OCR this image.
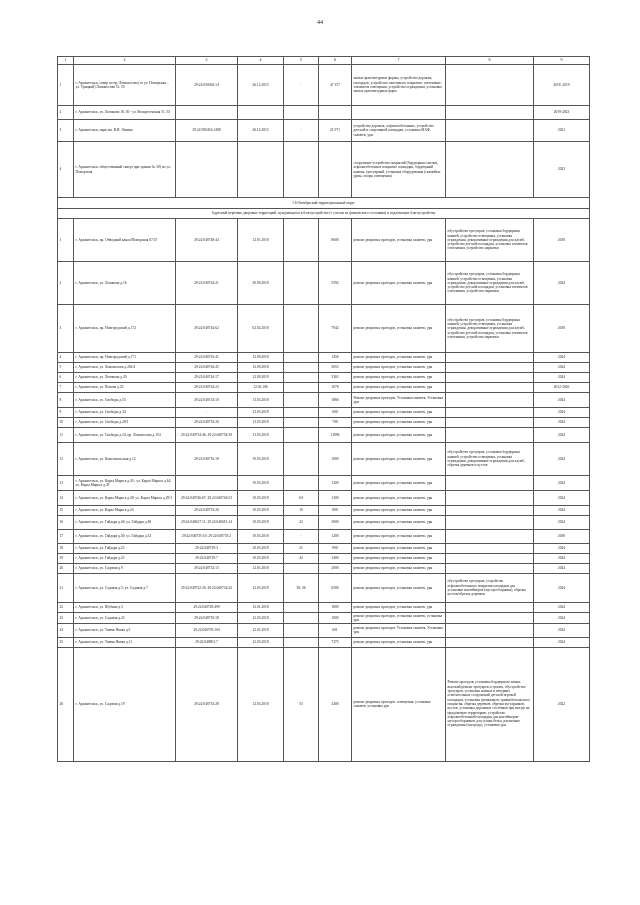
44
1	2	3	4	5	6	7	8	9
1	г. Архангельск, сквер по пр. Ломоносова (от ул. Поморская – ул. Урицкий) Ломоносова 51, 55	29:22:050402:14	26.12.2013	-	47 157	малые архитектурные формы, устройство дорожек, площадок, устройство плиточного покрытия, озеленение, элементов освещения, устройство ограждения, установка малых архитектурных форм		2018, 2019
2	г. Архангельск, ул. Логинова 18, 30 - ул. Воскресенская 51, 55							2019-2023
3	г. Архангельск, парк им. В.И. Ленина	29:22:050416:1408	26.12.2013	-	21 071	устройство дорожек, асфальтобетонных, устройство детской и спортивной площадки, установка МАФ, скамеек, урн		2021
4	г. Архангельск, общественный сквер (при здании № 30) по ул. Поморская					сооружение устройство покрытий (бордюрная плитка), асфальтобетонное покрытие площадки, бордюрный камень, тротуарный, установка оборудования (скамейки, урны, опоры освещения)		2023
1.6 Октябрьский территориальный округ								
Адресный перечень дворовых территорий, нуждающихся в благоустройстве (с учетом их физического состояния) и подлежащих благоустройству								
1	г. Архангельск, пр. Обводный канал/Поморская 67/47	29:22:040748:44	12.01.2018		8600	ремонт дворовых проездов, установка скамеек, урн	обустройство тротуаров, установка бордюрных камней, устройство освещения, установка ограждения, декоративные ограждения для клумб, устройство детской площадки, установка элементов озеленения, устройство парковки	2018
2	г. Архангельск, ул. Логинова д.16	29:22:040744:21	30.09.2018		5592	ремонт дворовых проездов, установка скамеек, урн	обустройство тротуаров, установка бордюрных камней, устройство освещения, установка ограждения, декоративные ограждения для клумб, устройство детской площадки, установка элементов озеленения, устройство парковки	2024
3	г. Архангельск, пр. Новгородский д.172	29:22:040744:62	02.02.2018		7942	ремонт дворовых проездов, установка скамеек, урн	обустройство тротуаров, установка бордюрных камней, устройство освещения, установка ограждения, декоративные ограждения для клумб, устройство детской площадки, установка элементов озеленения, устройство парковки	2018
4	г. Архангельск, пр. Новгородский д.171	29:22:040743:41	12.09.2018		1456	ремонт дворовых проездов, установка скамеек, урн		2024
5	г. Архангельск, ул. Ломоносова д.202/4	29:22:040744:45	12.09.2018		3653	ремонт дворовых проездов, установка скамеек, урн		2024
6	г. Архангельск, ул. Логинова д.20	29:22:040744:17	12.09.2018		3363	ремонт дворовых проездов, установка скамеек, урн		2024
7	г. Архангельск, ул. Попова д.23	29:22:040744:23	12.02.106		1678	ремонт дворовых проездов, установка скамеек, урн		2012-2026
8	г. Архангельск, ул. Свободы д.53	29:22:040154:10	13.03.2018		1866	Ремонт дворовых проездов, Установка скамеек, Установка урн		2024
9	г. Архангельск, ул. Свободы д.34	-	13.03.2018		600	ремонт дворовых проездов, установка скамеек, урн		2024
10	г. Архангельск, ул. Свободы д.29/1	29:22:040752:26	13.03.2018		700	ремонт дворовых проездов, установка скамеек, урн		2024
11	г. Архангельск, ул. Свободы д.24, пр. Ломоносова д.154	29:22:040754:46; 29:22:040754:39	13.03.2018		11896	ремонт дворовых проездов, установка скамеек, урн		2024
12	г. Архангельск, ул. Комсомольская д.12	29:22:040716:18	10.03.2018		1000	ремонт дворовых проездов, установка скамеек, урн	обустройство тротуаров, установка бордюрных камней, устройство освещения, установка ограждения, декоративные ограждения для клумб, обрезка деревьев и кустов	2024
13	г. Архангельск, ул. Карла Маркса д.43 ; ул. Карла Маркса д.44; ул. Карла Маркса д.45		10.03.2018		1200	ремонт дворовых проездов, установка скамеек, урн		2024
14	г. Архангельск, ул. Карла Маркса д.28; ул. Карла Маркса д.29/1	29:22:040746:67; 29:22:040746:53	10.03.2018	0.0	1300	ремонт дворовых проездов, установка скамеек, урн		2024
15	г. Архангельск, ул. Карла Маркса д.24	29:22:040753:26	10.03.2018	19	800	ремонт дворовых проездов, установка скамеек, урн		2024
16	г. Архангельск, ул. Гайдара д.46; ул. Гайдара д.48	29:22:040617:11; 29:22:040615:14	10.03.2018	22	3000	ремонт дворовых проездов, установка скамеек, урн		2024
17	г. Архангельск, ул. Гайдара д.30; ул. Гайдара д.32	29:22:040735:10; 29:22:040735:2	10.03.2018	-	1200	ремонт дворовых проездов, установка скамеек, урн		2030
18	г. Архангельск, ул. Гайдара д.23	29:22:040729:3	10.03.2018	31	900	ремонт дворовых проездов, установка скамеек, урн		2024
19	г. Архангельск, ул. Гайдара д.25	29:22:040729:7	10.03.2018	42	1400	ремонт дворовых проездов, установка скамеек, урн		2024
20	г. Архангельск, ул. Садовая д.9	29:22:040732:13	12.01.2018		2000	ремонт дворовых проездов, установка скамеек, урн		2024
21	г. Архангельск, ул. Садовая д.5; ул. Садовая д.7	29:22:040732:30; 29:22:040732:43	12.03.2018	38, 36	6500	ремонт дворовых проездов, установка скамеек, урн	обустройство тротуаров, устройство асфальтобетонного покрытия площадки для установки контейнеров (мусоросборники), обрезка кустов/обрезка деревьев	2024
22	г. Архангельск, ул. Шубина д.3	29:22:040728:499	12.01.2018		1800	ремонт дворовых проездов, установка скамеек, урн		2024
23	г. Архангельск, ул. Садовая д.23	29:22:040735:18	12.03.2018		1000	ремонт дворовых проездов, установка скамеек, установка урн		2024
24	г. Архангельск, ул. Тимме Якова д.5	29:22:040705:104	12.01.2018		601	ремонт дворовых проездов, Установка скамеек, Установка урн		2024
25	г. Архангельск, ул. Тимме Якова д.11	29:22:040801:7	12.03.2018		7375	ремонт дворовых проездов, установка скамеек, урн		2024
26	г. Архангельск, ул. Садовая д.19	29:22:040733:28	12.03.2018	53	2400	ремонт дворовых проездов, освещения, установка скамеек, установка урн	Ремонт проездов, установка бордюрного камня, высокий ремонт тротуаров и тропок, обустройство тротуаров, установка ночных и вечерних осветительных сооружений детской игровой площадки, установка тренажеров, травмобезопасного покрытия, обрезка деревьев, обрезка кустарников, кустов, установка дорожных столбиков при въезде на придомовую территорию, устройство асфальтобетонной площадки для контейнеров-мусоросборников, для сушки белья, различные ограждения (изгородь), установка урн	2022
